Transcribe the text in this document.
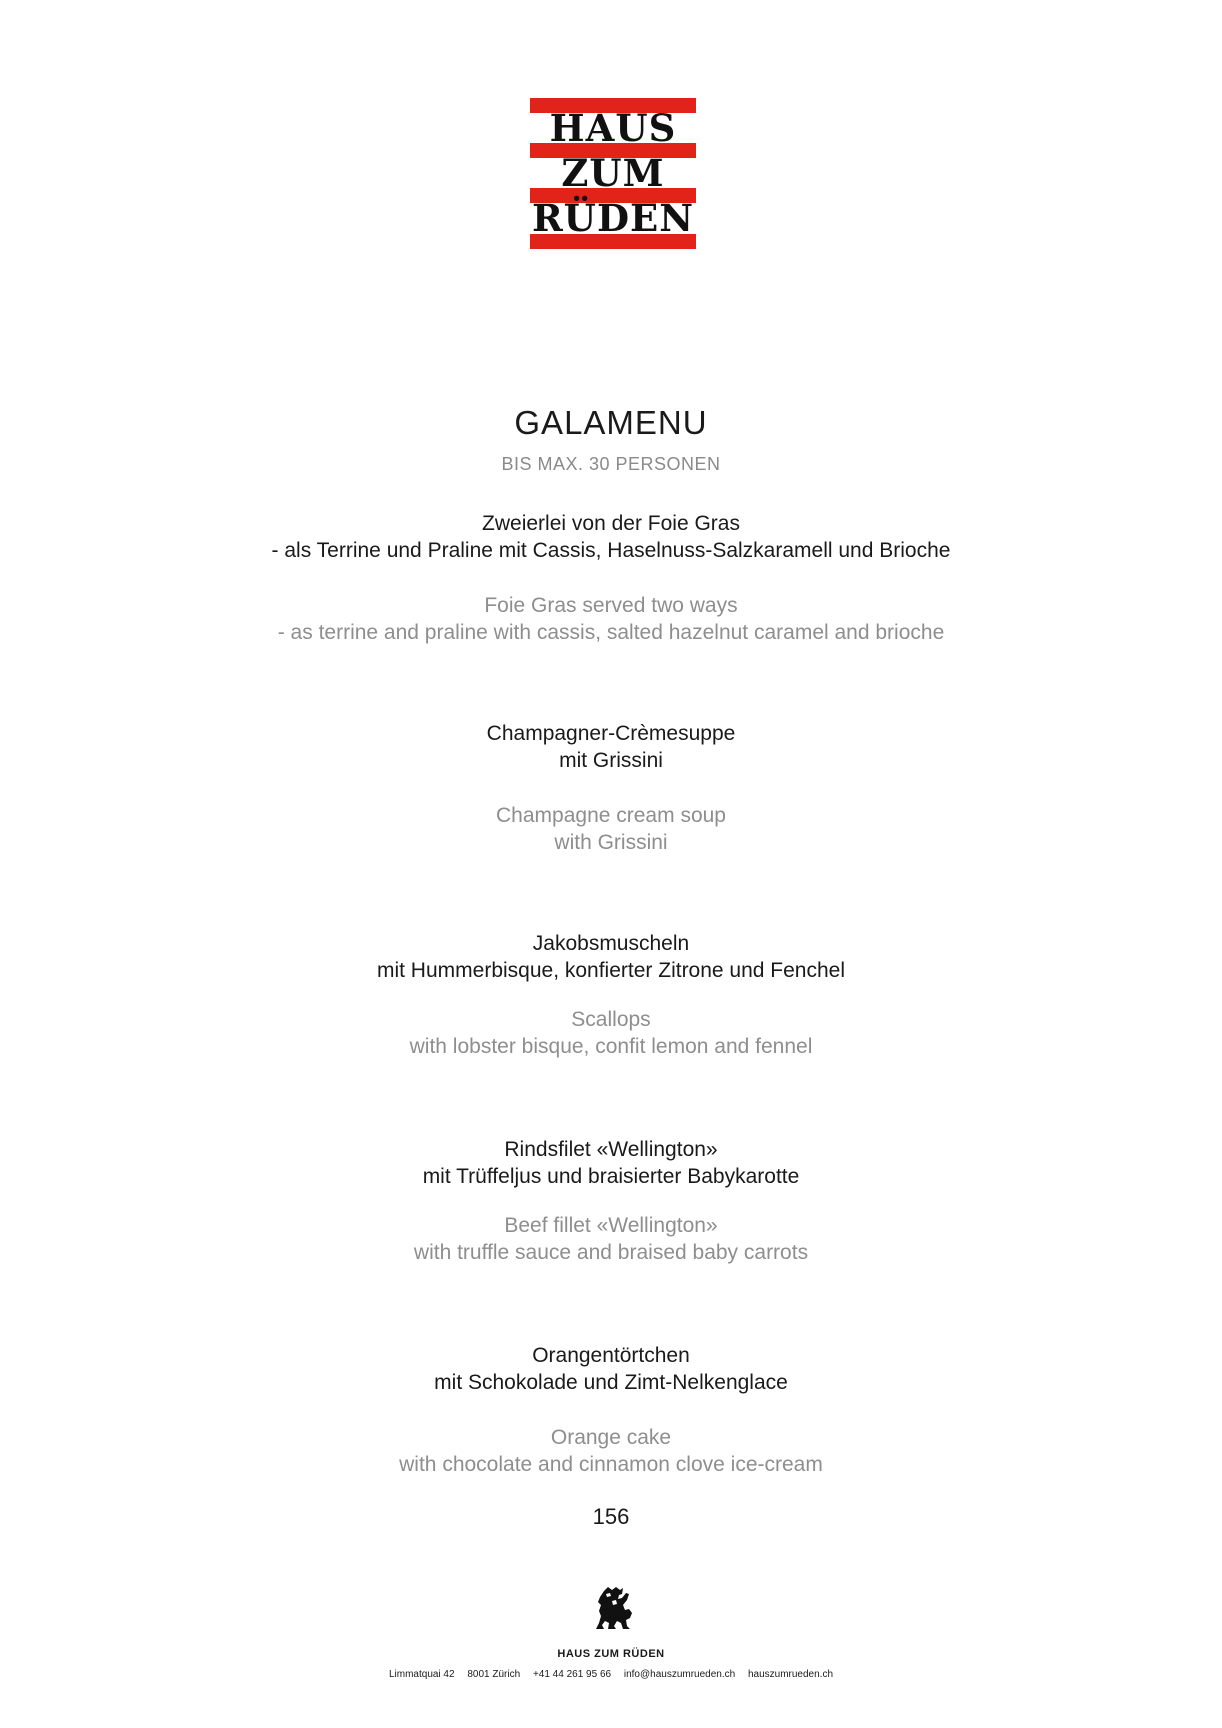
HAUS
ZUM
RÜDEN
GALAMENU
BIS MAX. 30 PERSONEN
Zweierlei von der Foie Gras
- als Terrine und Praline mit Cassis, Haselnuss-Salzkaramell und Brioche
Foie Gras served two ways
- as terrine and praline with cassis, salted hazelnut caramel and brioche
Champagner-Crèmesuppe
mit Grissini
Champagne cream soup
with Grissini
Jakobsmuscheln
mit Hummerbisque, konfierter Zitrone und Fenchel
Scallops
with lobster bisque, confit lemon and fennel
Rindsfilet «Wellington»
mit Trüffeljus und braisierter Babykarotte
Beef fillet «Wellington»
with truffle sauce and braised baby carrots
Orangentörtchen
mit Schokolade und Zimt-Nelkenglace
Orange cake
with chocolate and cinnamon clove ice-cream
156
HAUS ZUM RÜDEN
Limmatquai 42 8001 Zürich +41 44 261 95 66 info@hauszumrueden.ch hauszumrueden.ch
